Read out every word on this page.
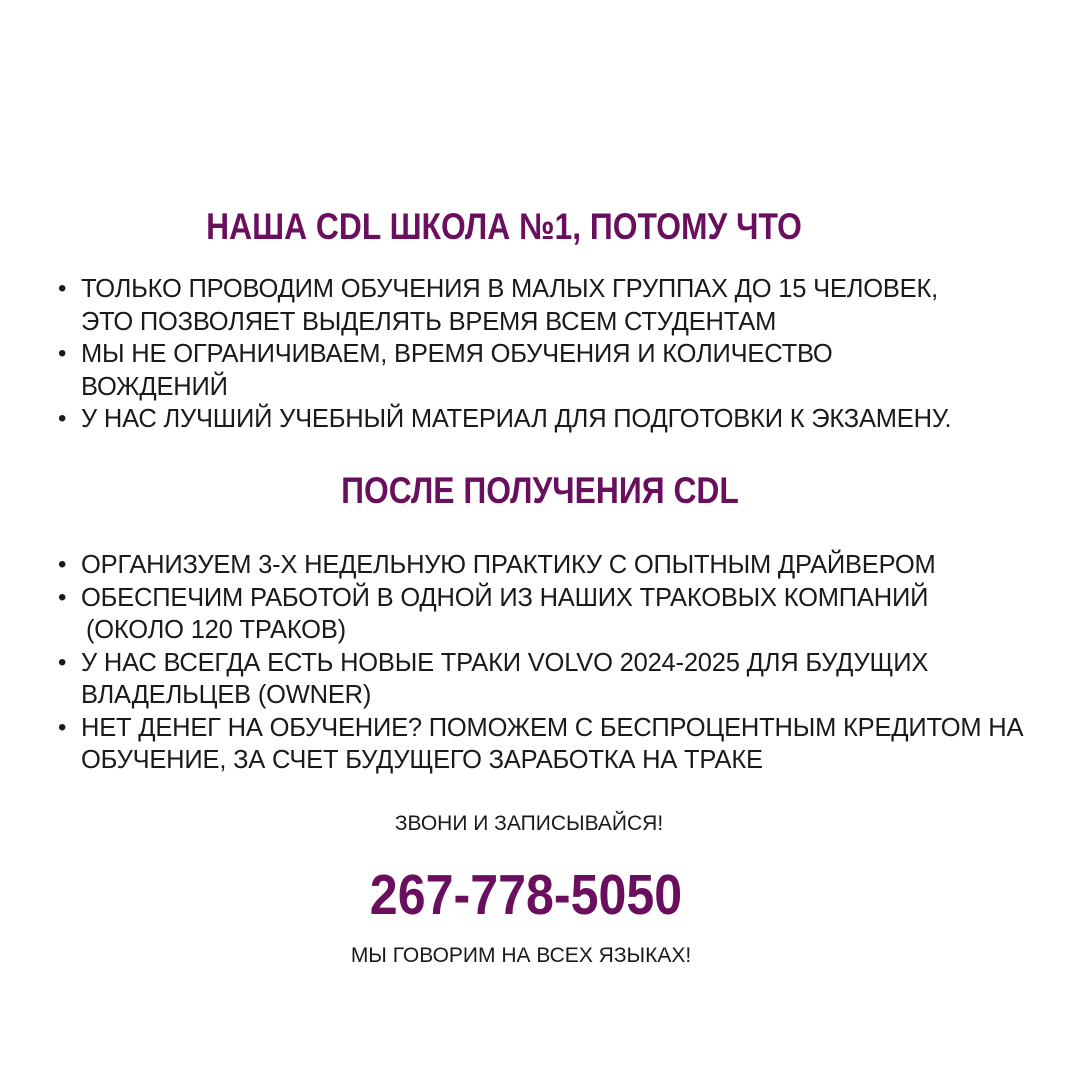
НАША CDL ШКОЛА №1, ПОТОМУ ЧТО
• ТОЛЬКО ПРОВОДИМ ОБУЧЕНИЯ В МАЛЫХ ГРУППАХ ДО 15 ЧЕЛОВЕК,
ЭТО ПОЗВОЛЯЕТ ВЫДЕЛЯТЬ ВРЕМЯ ВСЕМ СТУДЕНТАМ
• МЫ НЕ ОГРАНИЧИВАЕМ, ВРЕМЯ ОБУЧЕНИЯ И КОЛИЧЕСТВО
ВОЖДЕНИЙ
• У НАС ЛУЧШИЙ УЧЕБНЫЙ МАТЕРИАЛ ДЛЯ ПОДГОТОВКИ К ЭКЗАМЕНУ.
ПОСЛЕ ПОЛУЧЕНИЯ CDL
• ОРГАНИЗУЕМ 3-Х НЕДЕЛЬНУЮ ПРАКТИКУ С ОПЫТНЫМ ДРАЙВЕРОМ
• ОБЕСПЕЧИМ РАБОТОЙ В ОДНОЙ ИЗ НАШИХ ТРАКОВЫХ КОМПАНИЙ
(ОКОЛО 120 ТРАКОВ)
• У НАС ВСЕГДА ЕСТЬ НОВЫЕ ТРАКИ VOLVO 2024-2025 ДЛЯ БУДУЩИХ
ВЛАДЕЛЬЦЕВ (OWNER)
• НЕТ ДЕНЕГ НА ОБУЧЕНИЕ? ПОМОЖЕМ С БЕСПРОЦЕНТНЫМ КРЕДИТОМ НА
ОБУЧЕНИЕ, ЗА СЧЕТ БУДУЩЕГО ЗАРАБОТКА НА ТРАКЕ
ЗВОНИ И ЗАПИСЫВАЙСЯ!
267-778-5050
МЫ ГОВОРИМ НА ВСЕХ ЯЗЫКАХ!
